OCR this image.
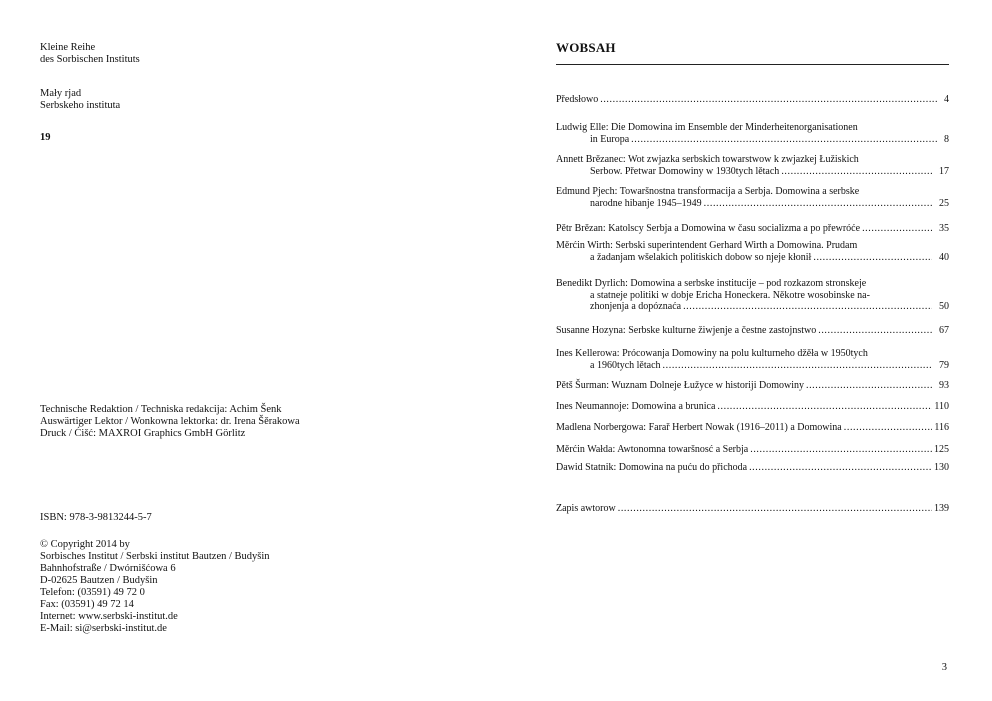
Kleine Reihe
des Sorbischen Instituts
Mały rjad
Serbskeho instituta
19
Technische Redaktion / Techniska redakcija: Achim Šenk
Auswärtiger Lektor / Wonkowna lektorka: dr. Irena Šěrakowa
Druck / Ćišć: MAXROI Graphics GmbH Görlitz
ISBN: 978-3-9813244-5-7
© Copyright 2014 by
Sorbisches Institut / Serbski institut Bautzen / Budyšin
Bahnhofstraße / Dwórnišćowa 6
D-02625 Bautzen / Budyšin
Telefon: (03591) 49 72 0
Fax: (03591) 49 72 14
Internet: www.serbski-institut.de
E-Mail: si@serbski-institut.de
WOBSAH
Předsłowo .....	4
Ludwig Elle: Die Domowina im Ensemble der Minderheitenorganisationen
in Europa .....	8
Annett Brězanec: Wot zwjazka serbskich towarstwow k zwjazkej Łužiskich
Serbow. Přetwar Domowiny w 1930tych lětach .....	17
Edmund Pjech: Towaršnostna transformacija a Serbja. Domowina a serbske
narodne hibanje 1945–1949 .....	25
Pětr Brězan: Katolscy Serbja a Domowina w času socializma a po přewróće .....	35
Měrćin Wirth: Serbski superintendent Gerhard Wirth a Domowina. Prudam
a žadanjam wšelakich politiskich dobow so njeje kłonił .....	40
Benedikt Dyrlich: Domowina a serbske institucije – pod rozkazom stronskeje
a statneje politiki w dobje Ericha Honeckera. Někotre wosobinske na-
zhonjenja a dopóznaća .....	50
Susanne Hozyna: Serbske kulturne žiwjenje a čestne zastojnstwo .....	67
Ines Kellerowa: Prócowanja Domowiny na polu kulturneho džěła w 1950tych
a 1960tych lětach .....	79
Pětš Šurman: Wuznam Dolneje Łužyce w historiji Domowiny .....	93
Ines Neumannoje: Domowina a brunica .....	110
Madlena Norbergowa: Farař Herbert Nowak (1916–2011) a Domowina .....	116
Měrćin Wałda: Awtonomna towaršnosć a Serbja .....	125
Dawid Statnik: Domowina na puću do přichoda .....	130
Zapis awtorow .....	139
3
